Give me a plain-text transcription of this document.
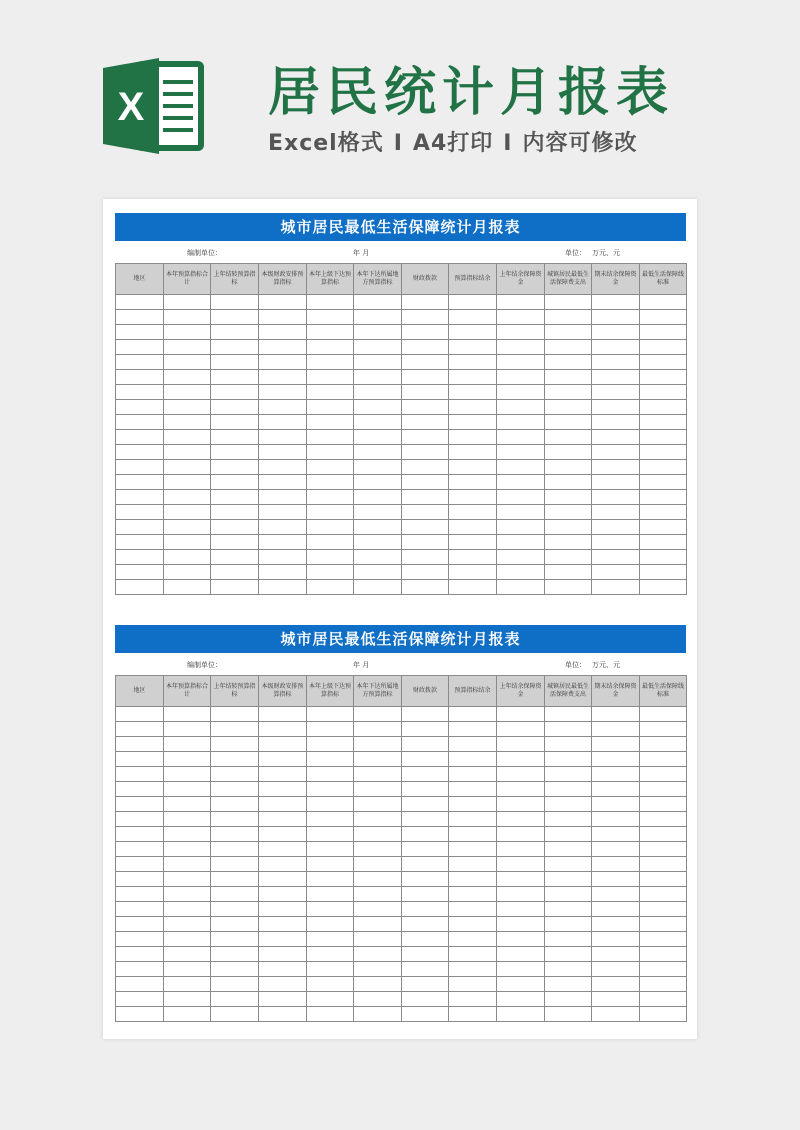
X 居民统计月报表
Excel格式 I A4打印 I 内容可修改
城市居民最低生活保障统计月报表
编制单位：	年 月	单位： 万元、元
地区	本年预算指标合计	上年结转预算指标	本级财政安排预算指标	本年上级下达预算指标	本年下达所属地方预算指标	财政拨款	预算指标结余	上年结余保障资金	城镇居民最低生活保障费支出	期末结余保障资金	最低生活保障线标准

城市居民最低生活保障统计月报表
编制单位：	年 月	单位： 万元、元
地区	本年预算指标合计	上年结转预算指标	本级财政安排预算指标	本年上级下达预算指标	本年下达所属地方预算指标	财政拨款	预算指标结余	上年结余保障资金	城镇居民最低生活保障费支出	期末结余保障资金	最低生活保障线标准
